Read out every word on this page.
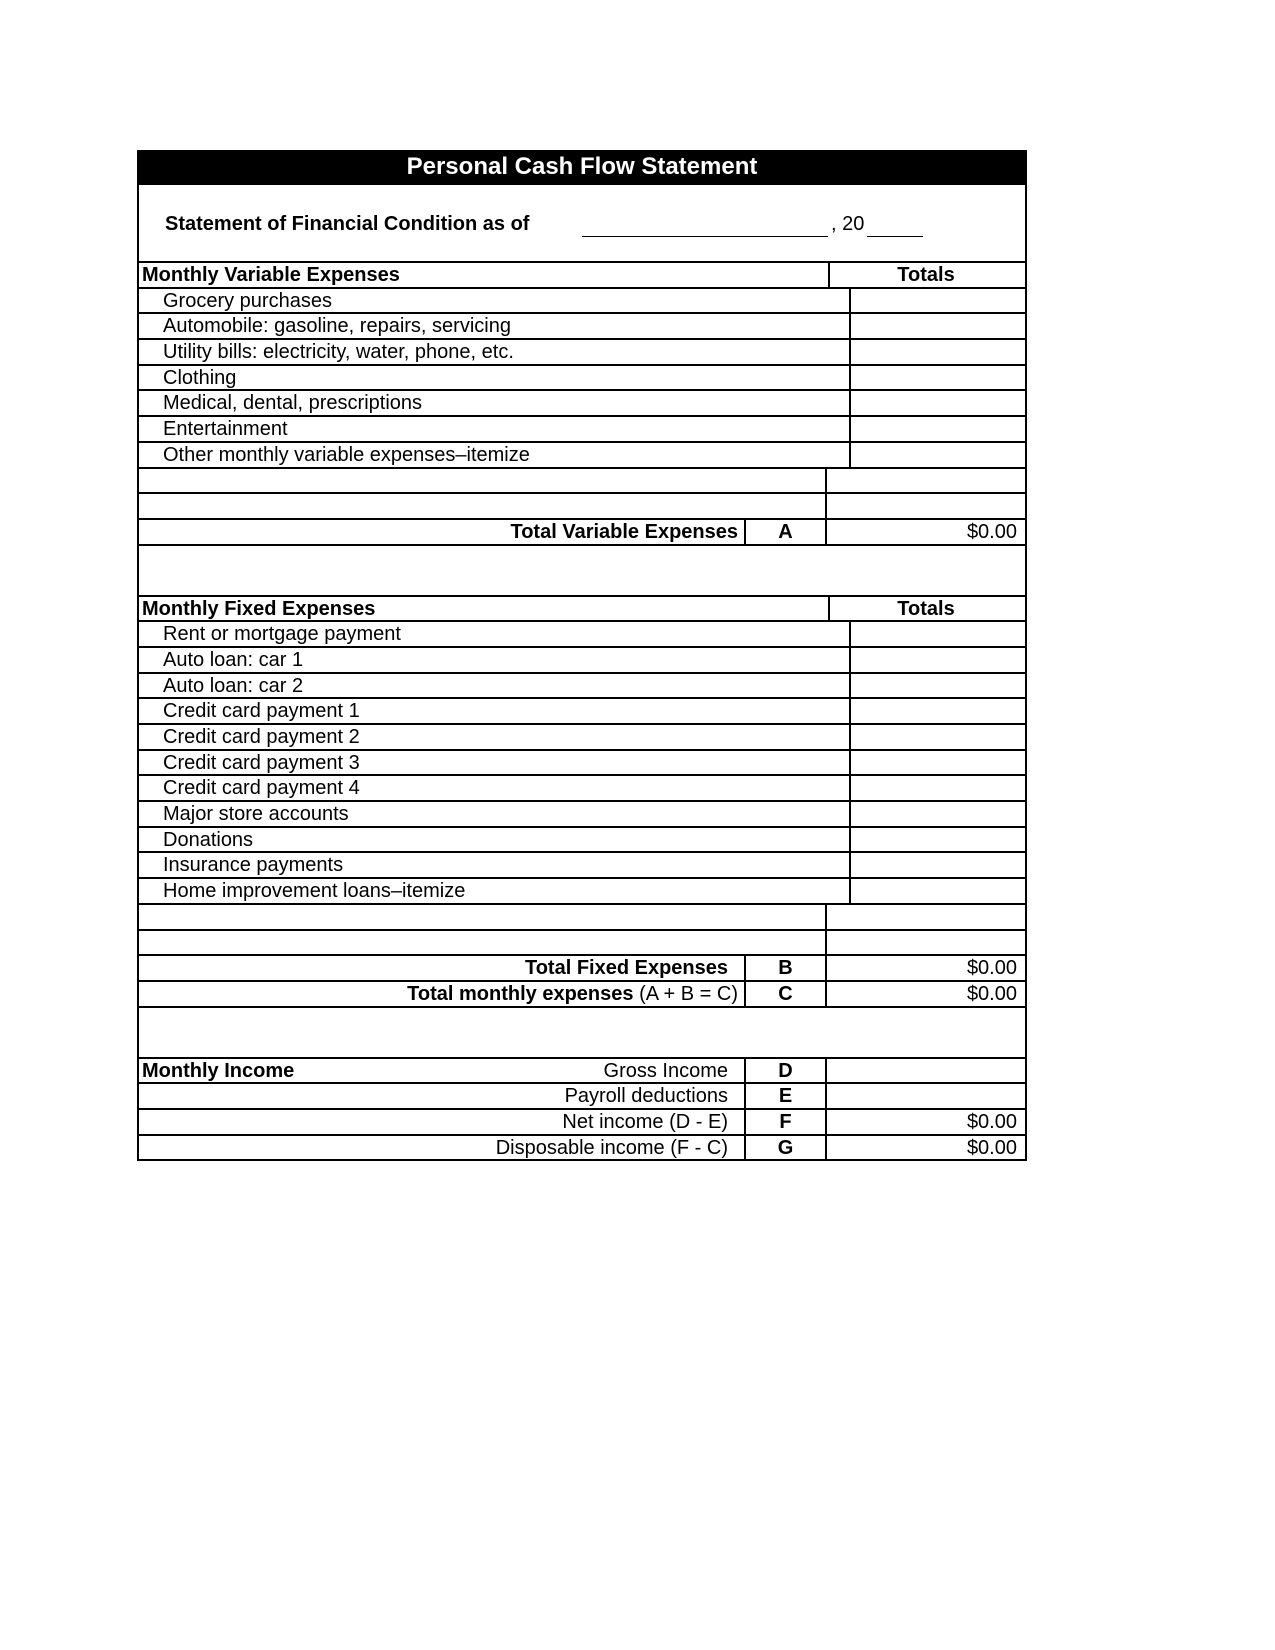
Personal Cash Flow Statement
Statement of Financial Condition as of	, 20
Monthly Variable Expenses	Totals
Grocery purchases
Automobile: gasoline, repairs, servicing
Utility bills: electricity, water, phone, etc.
Clothing
Medical, dental, prescriptions
Entertainment
Other monthly variable expenses–itemize
Total Variable Expenses	A	$0.00
Monthly Fixed Expenses	Totals
Rent or mortgage payment
Auto loan: car 1
Auto loan: car 2
Credit card payment 1
Credit card payment 2
Credit card payment 3
Credit card payment 4
Major store accounts
Donations
Insurance payments
Home improvement loans–itemize
Total Fixed Expenses	B	$0.00
Total monthly expenses (A + B = C)	C	$0.00
Monthly Income	Gross Income	D
Payroll deductions	E
Net income (D - E)	F	$0.00
Disposable income (F - C)	G	$0.00
